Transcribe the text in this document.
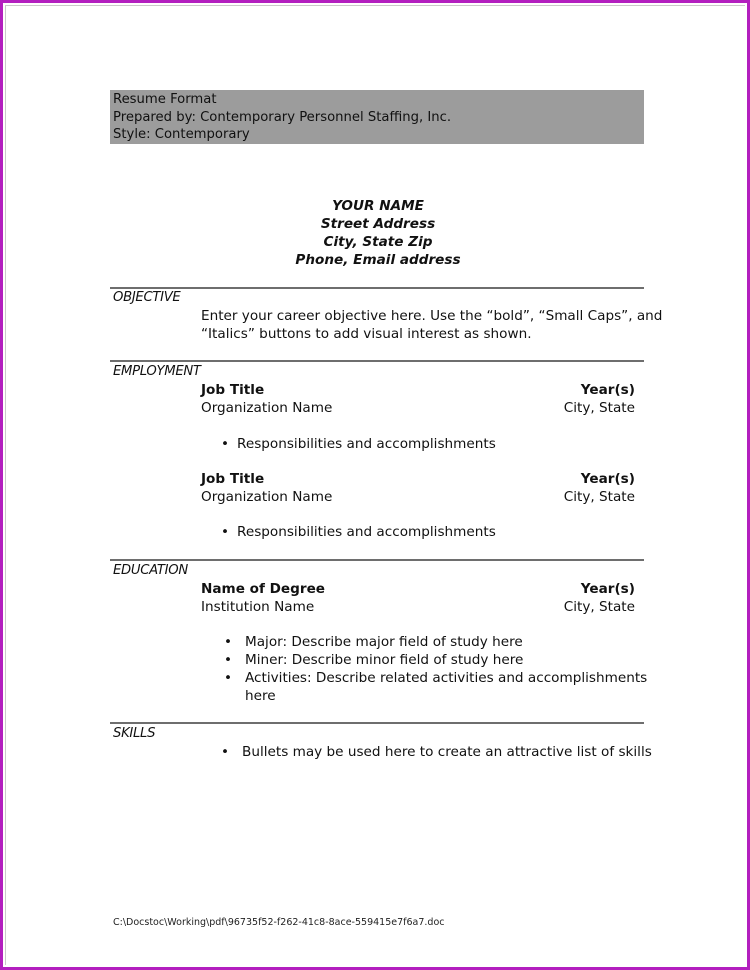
Resume Format
Prepared by: Contemporary Personnel Staffing, Inc.
Style: Contemporary
YOUR NAME
Street Address
City, State Zip
Phone, Email address
OBJECTIVE
Enter your career objective here. Use the “bold”, “Small Caps”, and
“Italics” buttons to add visual interest as shown.
EMPLOYMENT
Job Title	Year(s)
Organization Name	City, State
• Responsibilities and accomplishments
Job Title	Year(s)
Organization Name	City, State
• Responsibilities and accomplishments
EDUCATION
Name of Degree	Year(s)
Institution Name	City, State
• Major: Describe major field of study here
• Miner: Describe minor field of study here
• Activities: Describe related activities and accomplishments
here
SKILLS
• Bullets may be used here to create an attractive list of skills
C:\Docstoc\Working\pdf\96735f52-f262-41c8-8ace-559415e7f6a7.doc
